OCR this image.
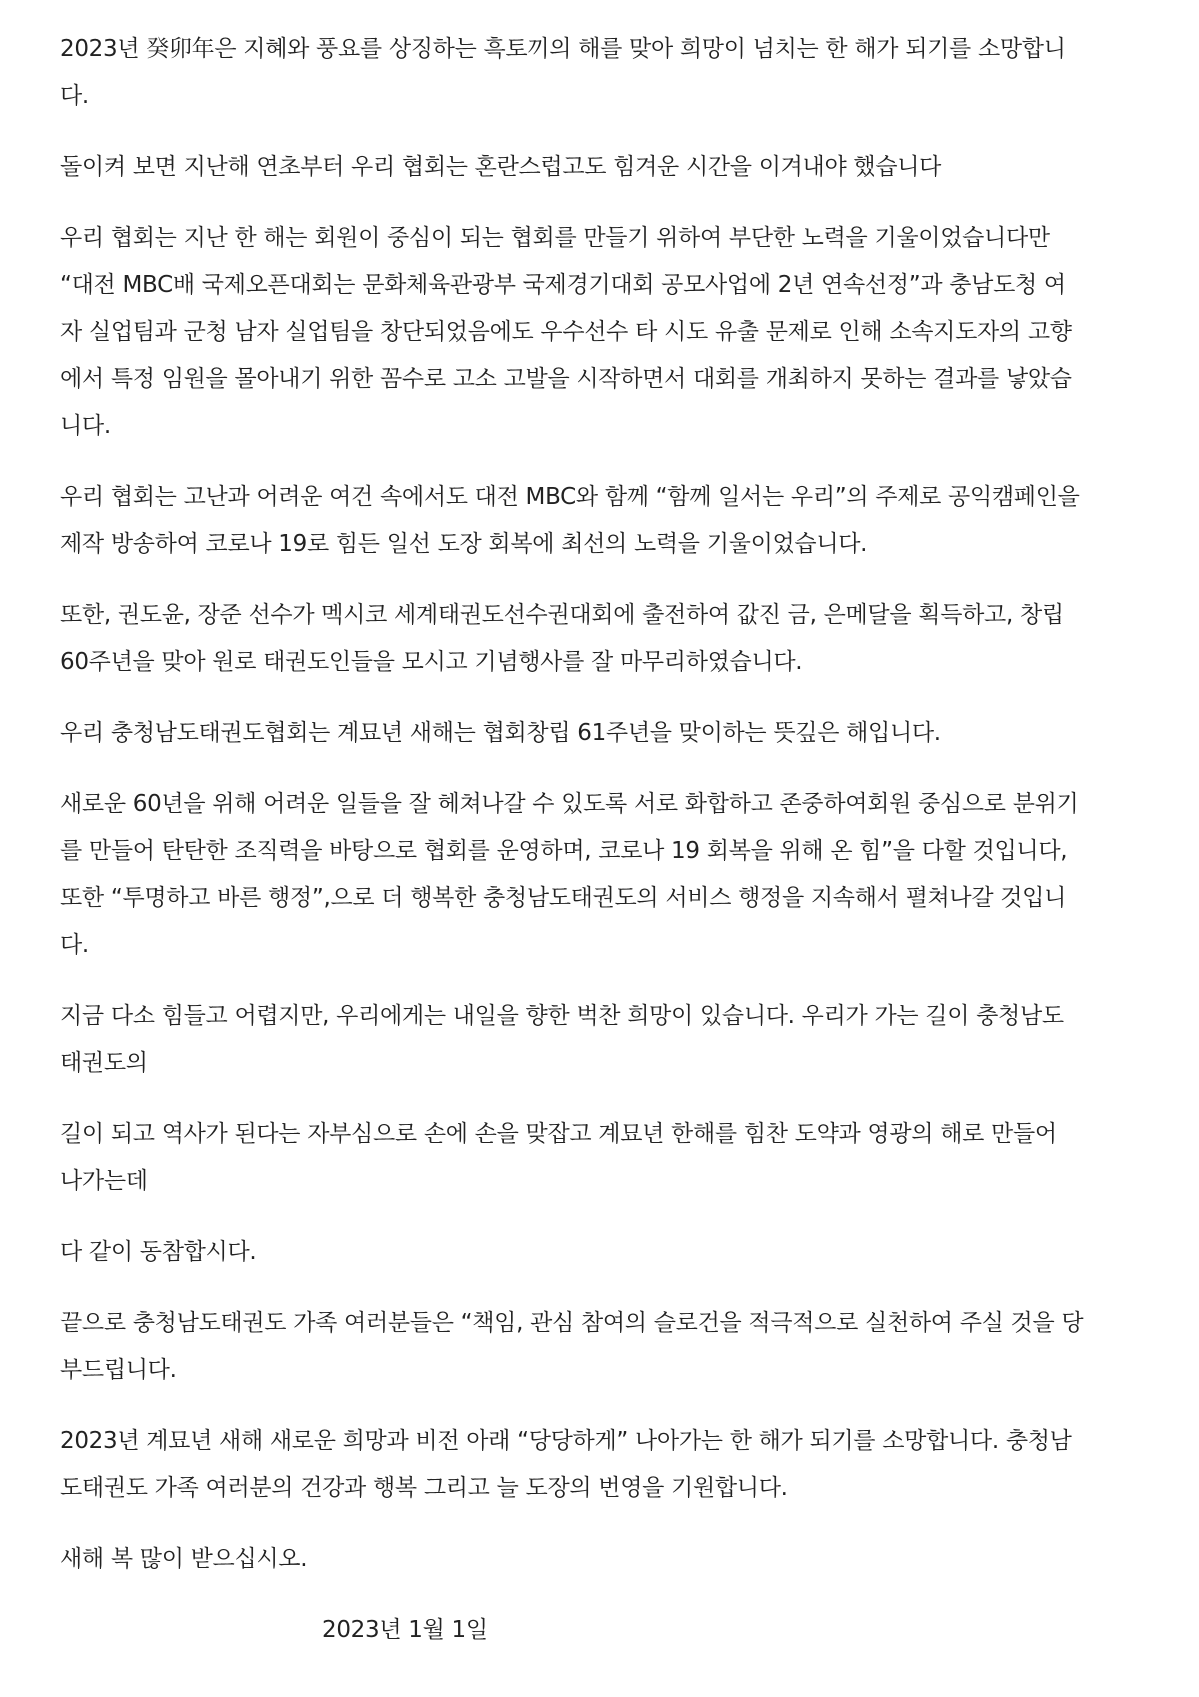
2023년 癸卯年은 지혜와 풍요를 상징하는 흑토끼의 해를 맞아 희망이 넘치는 한 해가 되기를 소망합니
다.
돌이켜 보면 지난해 연초부터 우리 협회는 혼란스럽고도 힘겨운 시간을 이겨내야 했습니다
우리 협회는 지난 한 해는 회원이 중심이 되는 협회를 만들기 위하여 부단한 노력을 기울이었습니다만
“대전 MBC배 국제오픈대회는 문화체육관광부 국제경기대회 공모사업에 2년 연속선정”과 충남도청 여
자 실업팀과 군청 남자 실업팀을 창단되었음에도 우수선수 타 시도 유출 문제로 인해 소속지도자의 고향
에서 특정 임원을 몰아내기 위한 꼼수로 고소 고발을 시작하면서 대회를 개최하지 못하는 결과를 낳았습
니다.
우리 협회는 고난과 어려운 여건 속에서도 대전 MBC와 함께 “함께 일서는 우리”의 주제로 공익캠페인을
제작 방송하여 코로나 19로 힘든 일선 도장 회복에 최선의 노력을 기울이었습니다.
또한, 권도윤, 장준 선수가 멕시코 세계태권도선수권대회에 출전하여 값진 금, 은메달을 획득하고, 창립
60주년을 맞아 원로 태권도인들을 모시고 기념행사를 잘 마무리하였습니다.
우리 충청남도태권도협회는 계묘년 새해는 협회창립 61주년을 맞이하는 뜻깊은 해입니다.
새로운 60년을 위해 어려운 일들을 잘 헤쳐나갈 수 있도록 서로 화합하고 존중하여회원 중심으로 분위기
를 만들어 탄탄한 조직력을 바탕으로 협회를 운영하며, 코로나 19 회복을 위해 온 힘”을 다할 것입니다,
또한 “투명하고 바른 행정”,으로 더 행복한 충청남도태권도의 서비스 행정을 지속해서 펼쳐나갈 것입니
다.
지금 다소 힘들고 어렵지만, 우리에게는 내일을 향한 벅찬 희망이 있습니다. 우리가 가는 길이 충청남도
태권도의
길이 되고 역사가 된다는 자부심으로 손에 손을 맞잡고 계묘년 한해를 힘찬 도약과 영광의 해로 만들어
나가는데
다 같이 동참합시다.
끝으로 충청남도태권도 가족 여러분들은 “책임, 관심 참여의 슬로건을 적극적으로 실천하여 주실 것을 당
부드립니다.
2023년 계묘년 새해 새로운 희망과 비전 아래 “당당하게” 나아가는 한 해가 되기를 소망합니다. 충청남
도태권도 가족 여러분의 건강과 행복 그리고 늘 도장의 번영을 기원합니다.
새해 복 많이 받으십시오.
2023년 1월 1일
